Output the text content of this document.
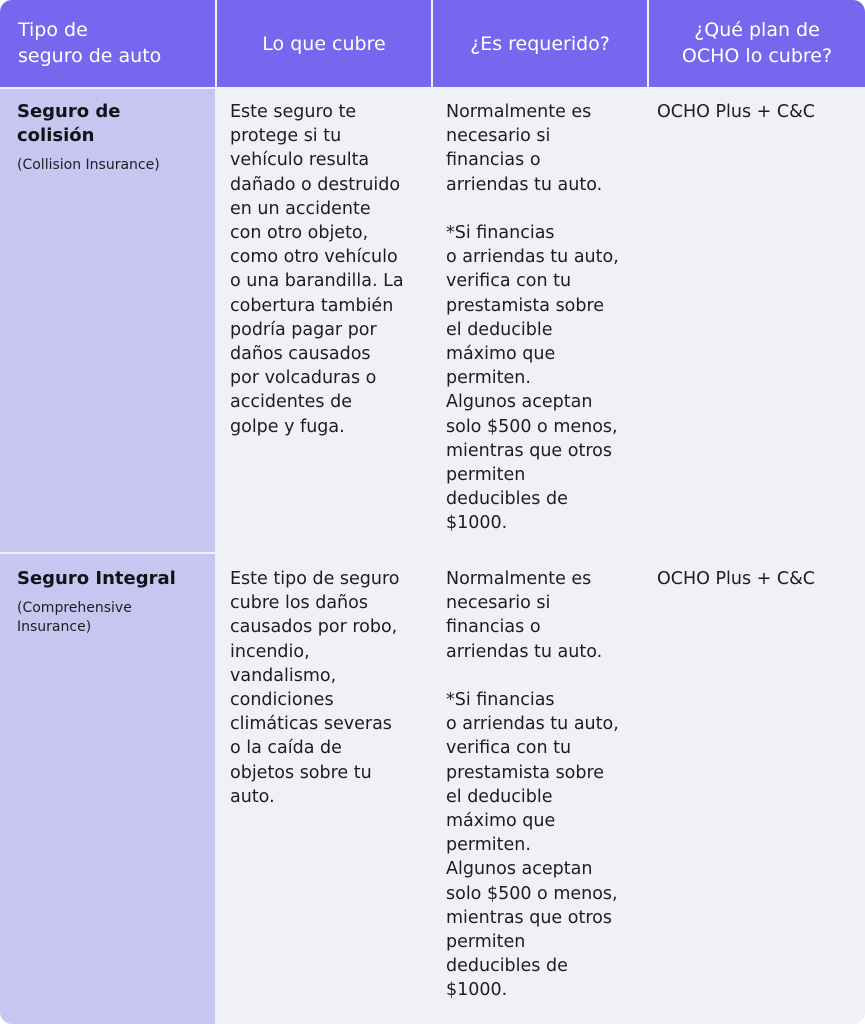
Tipo de
seguro de auto
Lo que cubre	¿Es requerido?
¿Qué plan de
OCHO lo cubre?
Seguro de
colisión
(Collision Insurance)
Este seguro te
protege si tu
vehículo resulta
dañado o destruido
en un accidente
con otro objeto,
como otro vehículo
o una barandilla. La
cobertura también
podría pagar por
daños causados
por volcaduras o
accidentes de
golpe y fuga.
Normalmente es
necesario si
financias o
arriendas tu auto.

*Si financias
o arriendas tu auto,
verifica con tu
prestamista sobre
el deducible
máximo que
permiten.
Algunos aceptan
solo $500 o menos,
mientras que otros
permiten
deducibles de
$1000.
OCHO Plus + C&C
Seguro Integral
(Comprehensive
Insurance)
Este tipo de seguro
cubre los daños
causados por robo,
incendio,
vandalismo,
condiciones
climáticas severas
o la caída de
objetos sobre tu
auto.
Normalmente es
necesario si
financias o
arriendas tu auto.

*Si financias
o arriendas tu auto,
verifica con tu
prestamista sobre
el deducible
máximo que
permiten.
Algunos aceptan
solo $500 o menos,
mientras que otros
permiten
deducibles de
$1000.
OCHO Plus + C&C
